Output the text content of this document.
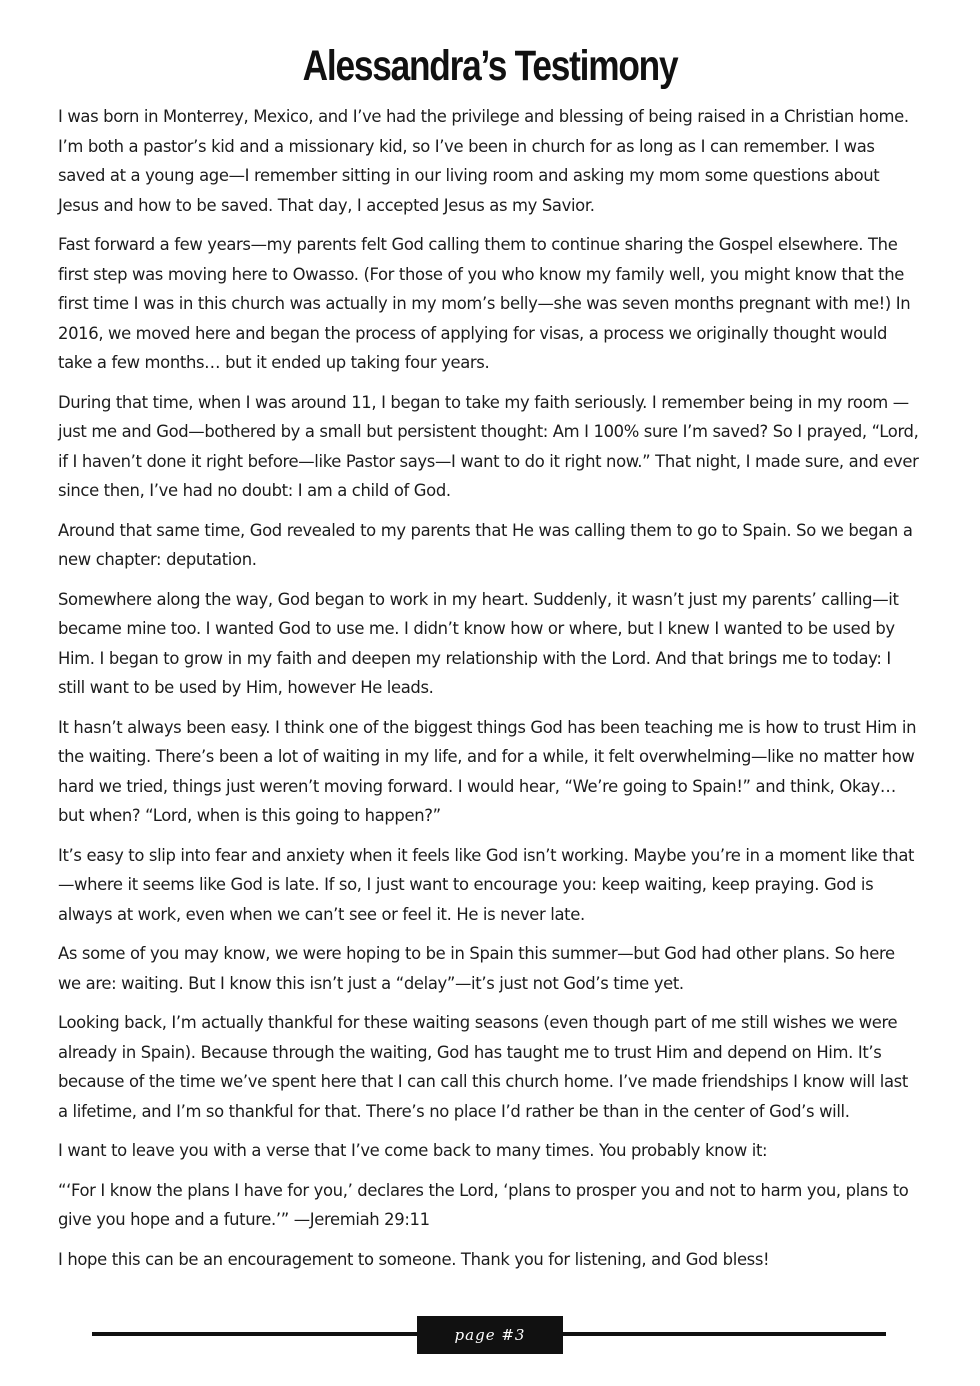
Alessandra’s Testimony

I was born in Monterrey, Mexico, and I’ve had the privilege and blessing of being raised in a Christian home. I’m both a pastor’s kid and a missionary kid, so I’ve been in church for as long as I can remember. I was saved at a young age—I remember sitting in our living room and asking my mom some questions about Jesus and how to be saved. That day, I accepted Jesus as my Savior.

Fast forward a few years—my parents felt God calling them to continue sharing the Gospel elsewhere. The first step was moving here to Owasso. (For those of you who know my family well, you might know that the first time I was in this church was actually in my mom’s belly—she was seven months pregnant with me!) In 2016, we moved here and began the process of applying for visas, a process we originally thought would take a few months… but it ended up taking four years.

During that time, when I was around 11, I began to take my faith seriously. I remember being in my room —just me and God—bothered by a small but persistent thought: Am I 100% sure I’m saved? So I prayed, “Lord, if I haven’t done it right before—like Pastor says—I want to do it right now.” That night, I made sure, and ever since then, I’ve had no doubt: I am a child of God.

Around that same time, God revealed to my parents that He was calling them to go to Spain. So we began a new chapter: deputation.

Somewhere along the way, God began to work in my heart. Suddenly, it wasn’t just my parents’ calling—it became mine too. I wanted God to use me. I didn’t know how or where, but I knew I wanted to be used by Him. I began to grow in my faith and deepen my relationship with the Lord. And that brings me to today: I still want to be used by Him, however He leads.

It hasn’t always been easy. I think one of the biggest things God has been teaching me is how to trust Him in the waiting. There’s been a lot of waiting in my life, and for a while, it felt overwhelming—like no matter how hard we tried, things just weren’t moving forward. I would hear, “We’re going to Spain!” and think, Okay… but when? “Lord, when is this going to happen?”

It’s easy to slip into fear and anxiety when it feels like God isn’t working. Maybe you’re in a moment like that—where it seems like God is late. If so, I just want to encourage you: keep waiting, keep praying. God is always at work, even when we can’t see or feel it. He is never late.

As some of you may know, we were hoping to be in Spain this summer—but God had other plans. So here we are: waiting. But I know this isn’t just a “delay”—it’s just not God’s time yet.

Looking back, I’m actually thankful for these waiting seasons (even though part of me still wishes we were already in Spain). Because through the waiting, God has taught me to trust Him and depend on Him. It’s because of the time we’ve spent here that I can call this church home. I’ve made friendships I know will last a lifetime, and I’m so thankful for that. There’s no place I’d rather be than in the center of God’s will.

I want to leave you with a verse that I’ve come back to many times. You probably know it:

“‘For I know the plans I have for you,’ declares the Lord, ‘plans to prosper you and not to harm you, plans to give you hope and a future.’” —Jeremiah 29:11

I hope this can be an encouragement to someone. Thank you for listening, and God bless!

page #3
